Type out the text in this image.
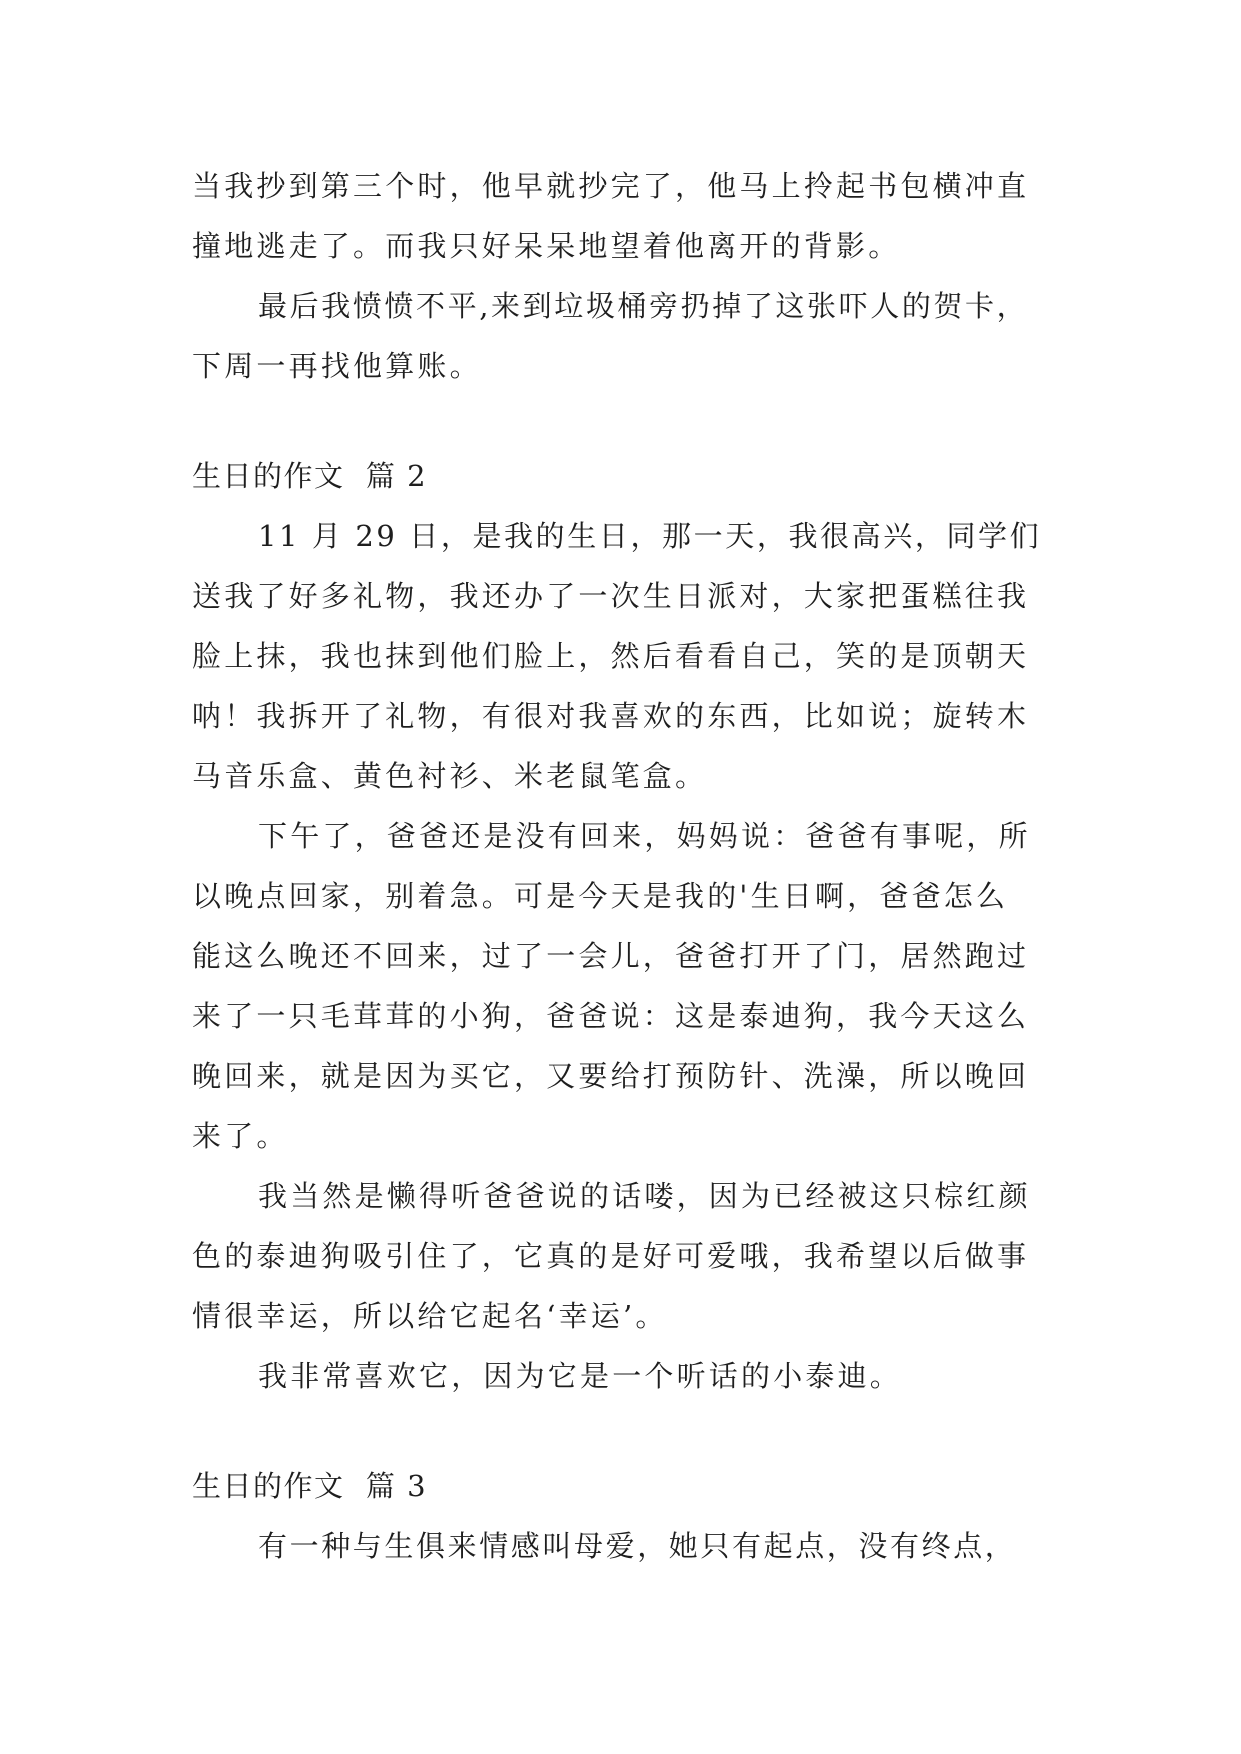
当我抄到第三个时，他早就抄完了，他马上拎起书包横冲直
撞地逃走了。而我只好呆呆地望着他离开的背影。
最后我愤愤不平,来到垃圾桶旁扔掉了这张吓人的贺卡，
下周一再找他算账。
生日的作文  篇 2
11 月 29 日，是我的生日，那一天，我很高兴，同学们
送我了好多礼物，我还办了一次生日派对，大家把蛋糕往我
脸上抹，我也抹到他们脸上，然后看看自己，笑的是顶朝天
呐！我拆开了礼物，有很对我喜欢的东西，比如说；旋转木
马音乐盒、黄色衬衫、米老鼠笔盒。
下午了，爸爸还是没有回来，妈妈说：爸爸有事呢，所
以晚点回家，别着急。可是今天是我的'生日啊，爸爸怎么
能这么晚还不回来，过了一会儿，爸爸打开了门，居然跑过
来了一只毛茸茸的小狗，爸爸说：这是泰迪狗，我今天这么
晚回来，就是因为买它，又要给打预防针、洗澡，所以晚回
来了。
我当然是懒得听爸爸说的话喽，因为已经被这只棕红颜
色的泰迪狗吸引住了，它真的是好可爱哦，我希望以后做事
情很幸运，所以给它起名‘幸运’。
我非常喜欢它，因为它是一个听话的小泰迪。
生日的作文  篇 3
有一种与生俱来情感叫母爱，她只有起点，没有终点，
